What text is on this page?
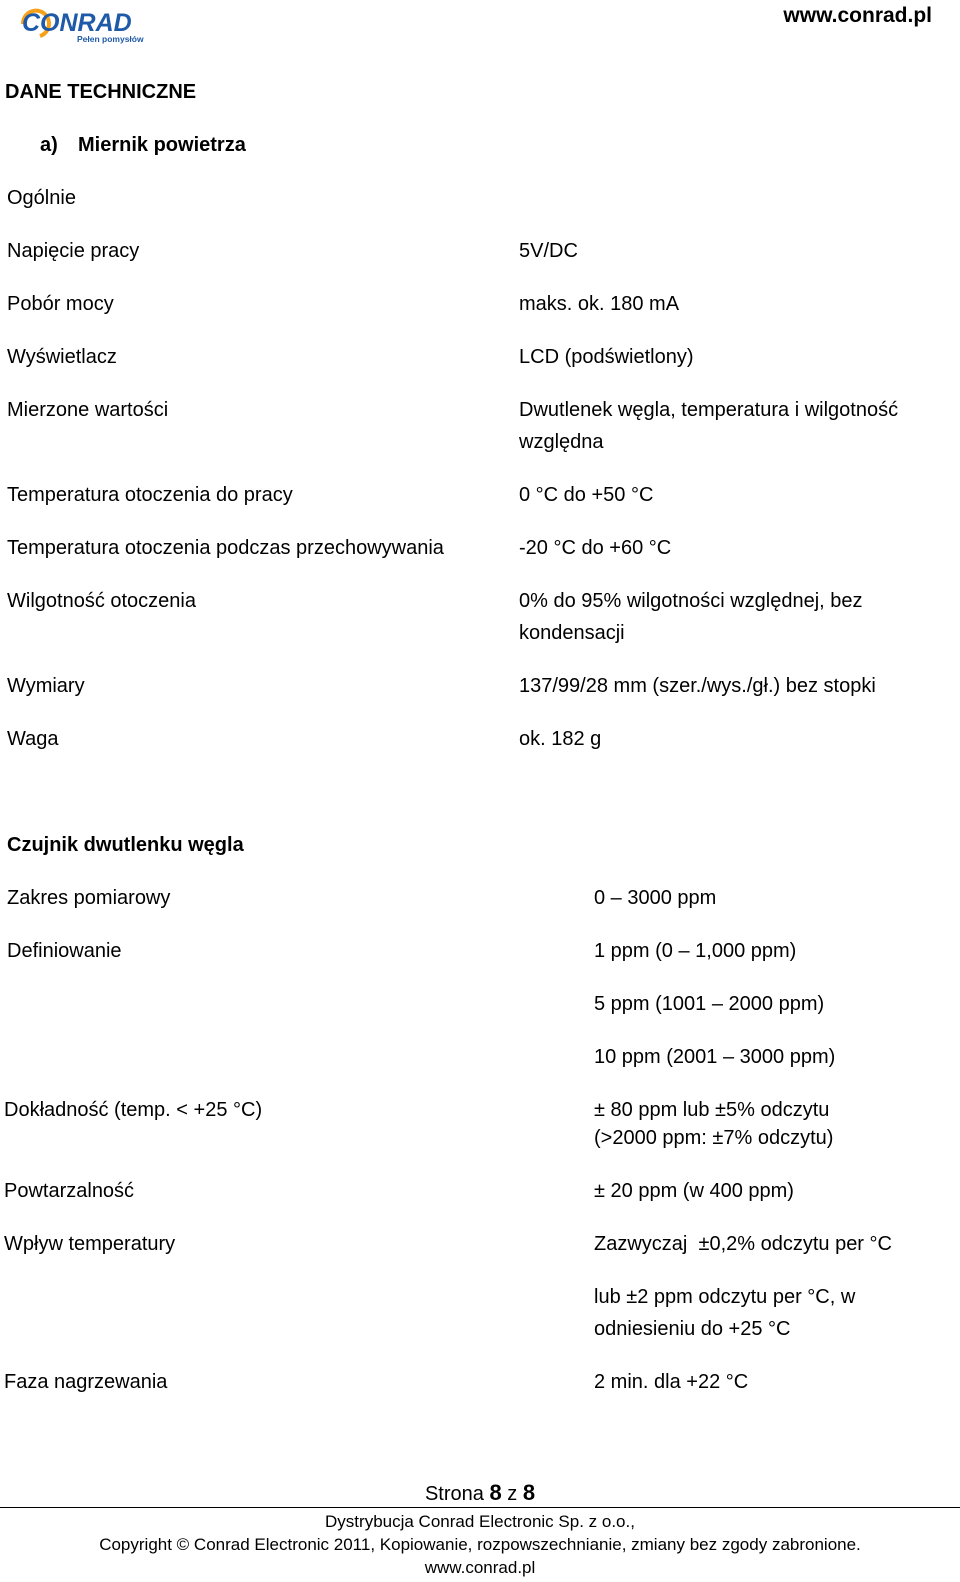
CONRAD
Pełen pomysłów
www.conrad.pl
DANE TECHNICZNE
a) Miernik powietrza
Ogólnie
Napięcie pracy	5V/DC
Pobór mocy	maks. ok. 180 mA
Wyświetlacz	LCD (podświetlony)
Mierzone wartości	Dwutlenek węgla, temperatura i wilgotność
względna
Temperatura otoczenia do pracy	0 °C do +50 °C
Temperatura otoczenia podczas przechowywania	-20 °C do +60 °C
Wilgotność otoczenia	0% do 95% wilgotności względnej, bez
kondensacji
Wymiary	137/99/28 mm (szer./wys./gł.) bez stopki
Waga	ok. 182 g
Czujnik dwutlenku węgla
Zakres pomiarowy	0 – 3000 ppm
Definiowanie	1 ppm (0 – 1,000 ppm)
5 ppm (1001 – 2000 ppm)
10 ppm (2001 – 3000 ppm)
Dokładność (temp. < +25 °C)	± 80 ppm lub ±5% odczytu
(>2000 ppm: ±7% odczytu)
Powtarzalność	± 20 ppm (w 400 ppm)
Wpływ temperatury	Zazwyczaj  ±0,2% odczytu per °C
lub ±2 ppm odczytu per °C, w
odniesieniu do +25 °C
Faza nagrzewania	2 min. dla +22 °C
Strona 8 z 8
Dystrybucja Conrad Electronic Sp. z o.o.,
Copyright © Conrad Electronic 2011, Kopiowanie, rozpowszechnianie, zmiany bez zgody zabronione.
www.conrad.pl
